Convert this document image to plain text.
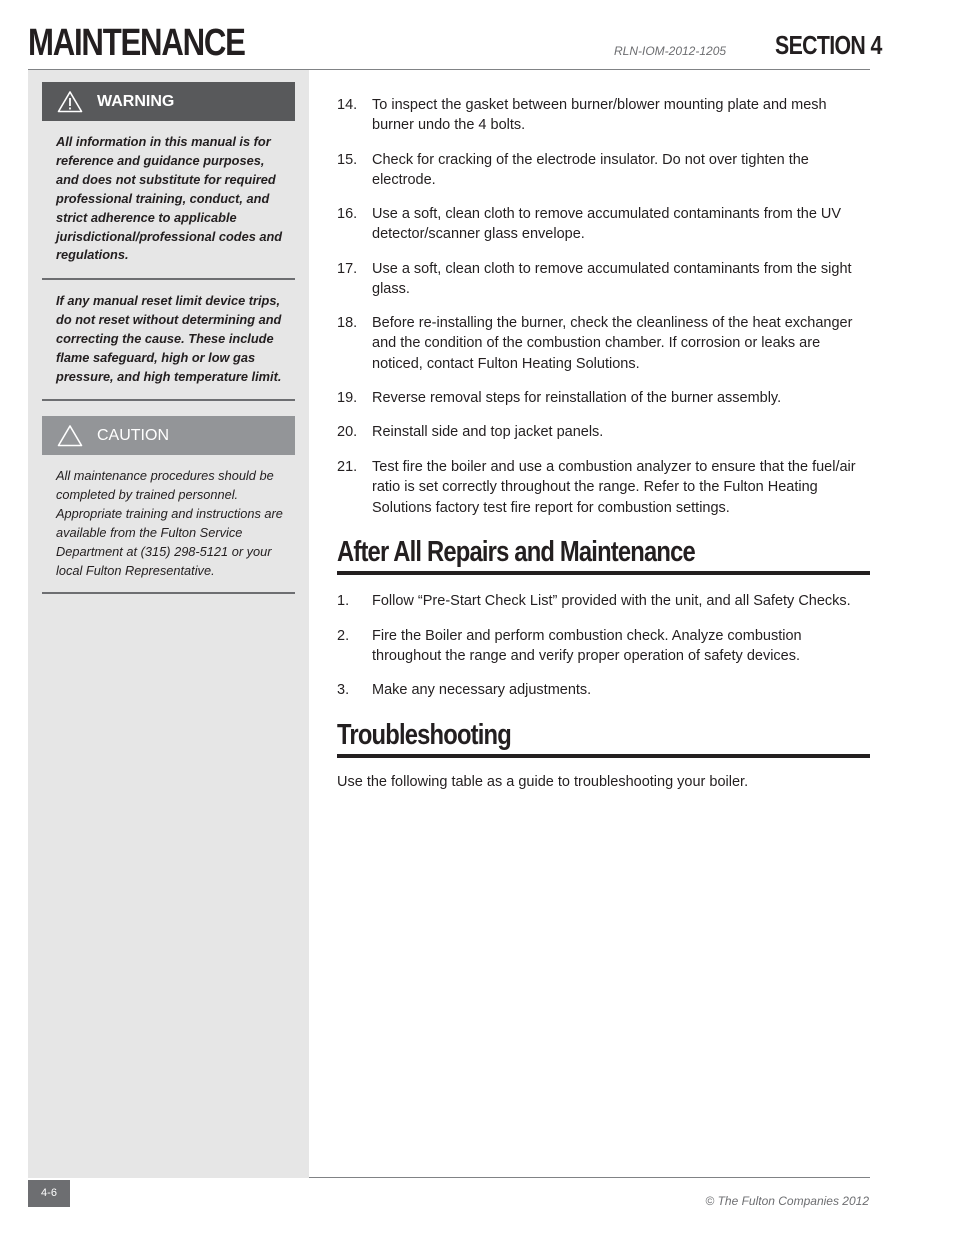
MAINTENANCE	RLN-IOM-2012-1205 SECTION 4
WARNING
All information in this manual is for reference and guidance purposes, and does not substitute for required professional training, conduct, and strict adherence to applicable jurisdictional/professional codes and regulations.
If any manual reset limit device trips, do not reset without determining and correcting the cause. These include flame safeguard, high or low gas pressure, and high temperature limit.
CAUTION
All maintenance procedures should be completed by trained personnel. Appropriate training and instructions are available from the Fulton Service Department at (315) 298-5121 or your local Fulton Representative.
14. To inspect the gasket between burner/blower mounting plate and mesh burner undo the 4 bolts.
15. Check for cracking of the electrode insulator. Do not over tighten the electrode.
16. Use a soft, clean cloth to remove accumulated contaminants from the UV detector/scanner glass envelope.
17. Use a soft, clean cloth to remove accumulated contaminants from the sight glass.
18. Before re-installing the burner, check the cleanliness of the heat exchanger and the condition of the combustion chamber. If corrosion or leaks are noticed, contact Fulton Heating Solutions.
19. Reverse removal steps for reinstallation of the burner assembly.
20. Reinstall side and top jacket panels.
21. Test fire the boiler and use a combustion analyzer to ensure that the fuel/air ratio is set correctly throughout the range. Refer to the Fulton Heating Solutions factory test fire report for combustion settings.
After All Repairs and Maintenance
1. Follow “Pre-Start Check List” provided with the unit, and all Safety Checks.
2. Fire the Boiler and perform combustion check. Analyze combustion throughout the range and verify proper operation of safety devices.
3. Make any necessary adjustments.
Troubleshooting
Use the following table as a guide to troubleshooting your boiler.
4-6
© The Fulton Companies 2012
